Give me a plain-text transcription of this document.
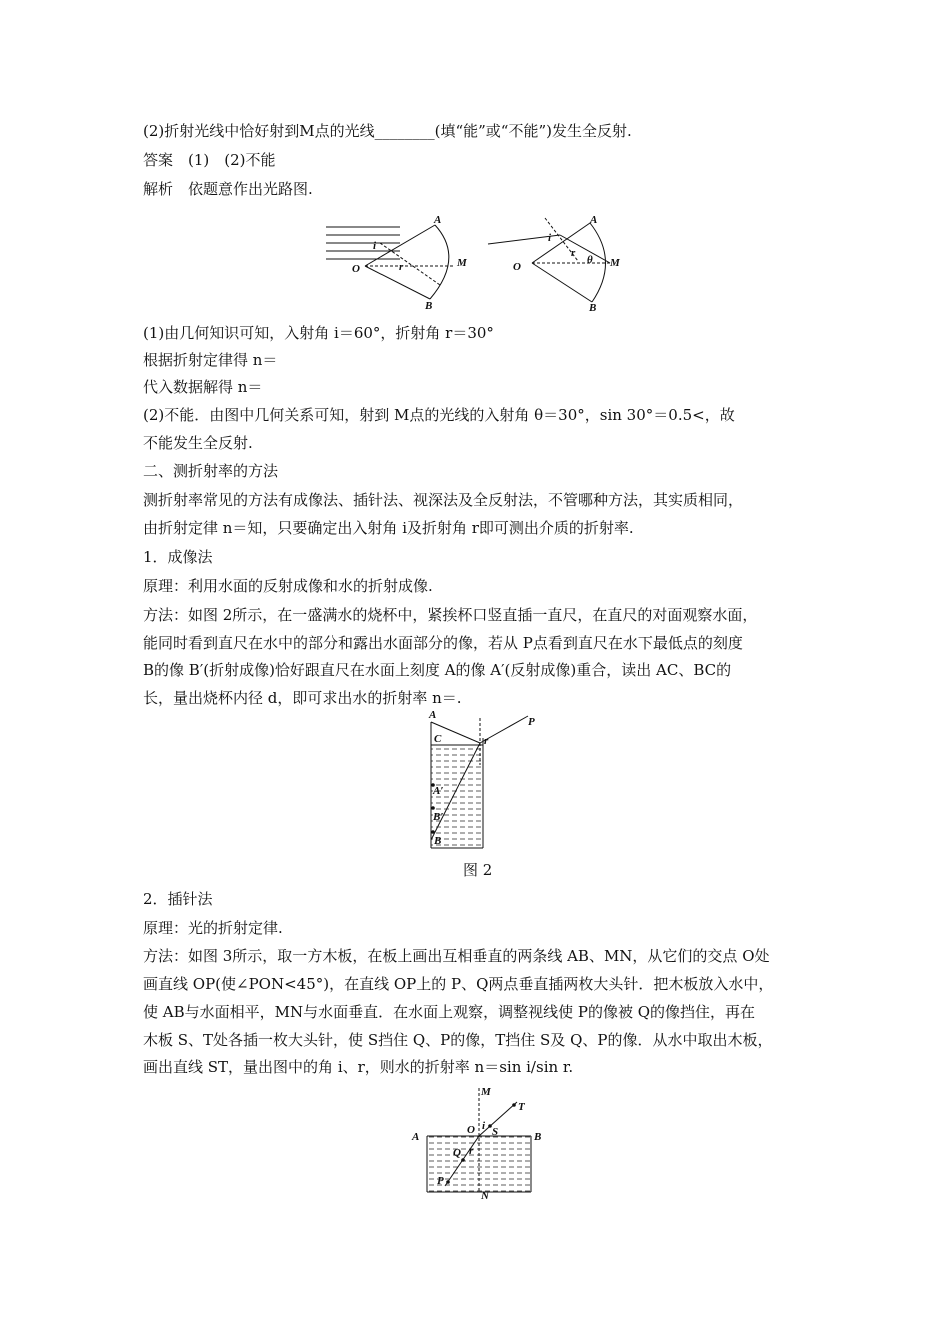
(2)折射光线中恰好射到M点的光线________(填“能”或“不能”)发生全反射.
答案　(1)　(2)不能
解析　依题意作出光路图.
A
M
O
B
i
r
A
M
O
B
i
r
θ
(1)由几何知识可知，入射角 i＝60°，折射角 r＝30°
根据折射定律得 n＝
代入数据解得 n＝
(2)不能．由图中几何关系可知，射到 M点的光线的入射角 θ＝30°，sin 30°＝0.5<，故
不能发生全反射.
二、测折射率的方法
测折射率常见的方法有成像法、插针法、视深法及全反射法，不管哪种方法，其实质相同，
由折射定律 n＝知，只要确定出入射角 i及折射角 r即可测出介质的折射率.
1．成像法
原理：利用水面的反射成像和水的折射成像.
方法：如图 2所示，在一盛满水的烧杯中，紧挨杯口竖直插一直尺，在直尺的对面观察水面，
能同时看到直尺在水中的部分和露出水面部分的像，若从 P点看到直尺在水下最低点的刻度
B的像 B′(折射成像)恰好跟直尺在水面上刻度 A的像 A′(反射成像)重合，读出 AC、BC的
长，量出烧杯内径 d，即可求出水的折射率 n＝.
A
P
C	r
A′
B′
B
图 2
2．插针法
原理：光的折射定律.
方法：如图 3所示，取一方木板，在板上画出互相垂直的两条线 AB、MN，从它们的交点 O处
画直线 OP(使∠PON<45°)，在直线 OP上的 P、Q两点垂直插两枚大头针．把木板放入水中，
使 AB与水面相平，MN与水面垂直．在水面上观察，调整视线使 P的像被 Q的像挡住，再在
木板 S、T处各插一枚大头针，使 S挡住 Q、P的像，T挡住 S及 Q、P的像．从水中取出木板，
画出直线 ST，量出图中的角 i、r，则水的折射率 n＝sin i/sin r.
M
T
A
O i S	B
Q r
P
N
